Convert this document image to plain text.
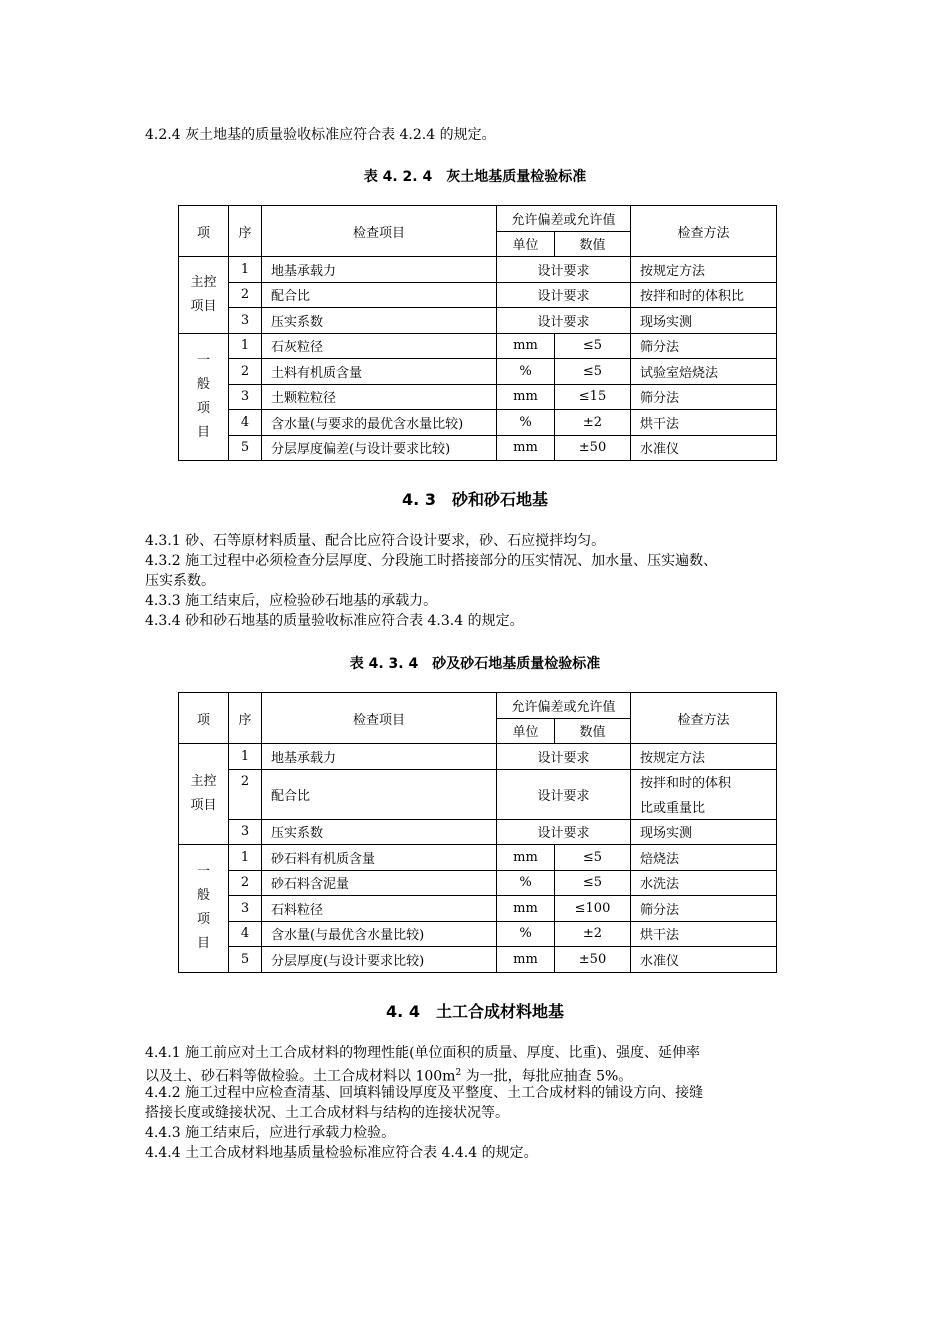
4.2.4 灰土地基的质量验收标准应符合表 4.2.4 的规定。
表 4. 2. 4　灰土地基质量检验标准
项	序	检查项目	允许偏差或允许值		检查方法
			单位	数值	
主控
项目	1	地基承载力	设计要求		按规定方法
	2	配合比	设计要求		按拌和时的体积比
	3	压实系数	设计要求		现场实测
一
般
项
目	1	石灰粒径	mm	≤5	筛分法
	2	土料有机质含量	%	≤5	试验室焙烧法
	3	土颗粒粒径	mm	≤15	筛分法
	4	含水量(与要求的最优含水量比较)	%	±2	烘干法
	5	分层厚度偏差(与设计要求比较)	mm	±50	水准仪
4. 3　砂和砂石地基
4.3.1 砂、石等原材料质量、配合比应符合设计要求，砂、石应搅拌均匀。
4.3.2 施工过程中必须检查分层厚度、分段施工时搭接部分的压实情况、加水量、压实遍数、
压实系数。
4.3.3 施工结束后，应检验砂石地基的承载力。
4.3.4 砂和砂石地基的质量验收标准应符合表 4.3.4 的规定。
表 4. 3. 4　砂及砂石地基质量检验标准
项	序	检查项目	允许偏差或允许值		检查方法
			单位	数值	
主控
项目	1	地基承载力	设计要求		按规定方法
	2	配合比	设计要求		按拌和时的体积
					比或重量比
	3	压实系数	设计要求		现场实测
一
般
项
目	1	砂石料有机质含量	mm	≤5	焙烧法
	2	砂石料含泥量	%	≤5	水洗法
	3	石料粒径	mm	≤100	筛分法
	4	含水量(与最优含水量比较)	%	±2	烘干法
	5	分层厚度(与设计要求比较)	mm	±50	水准仪
4. 4　土工合成材料地基
4.4.1 施工前应对土工合成材料的物理性能(单位面积的质量、厚度、比重)、强度、延伸率
以及土、砂石料等做检验。土工合成材料以 $100m^2$ 为一批，每批应抽查 5%。
4.4.2 施工过程中应检查清基、回填料铺设厚度及平整度、土工合成材料的铺设方向、接缝
搭接长度或缝接状况、土工合成材料与结构的连接状况等。
4.4.3 施工结束后，应进行承载力检验。
4.4.4 土工合成材料地基质量检验标准应符合表 4.4.4 的规定。
